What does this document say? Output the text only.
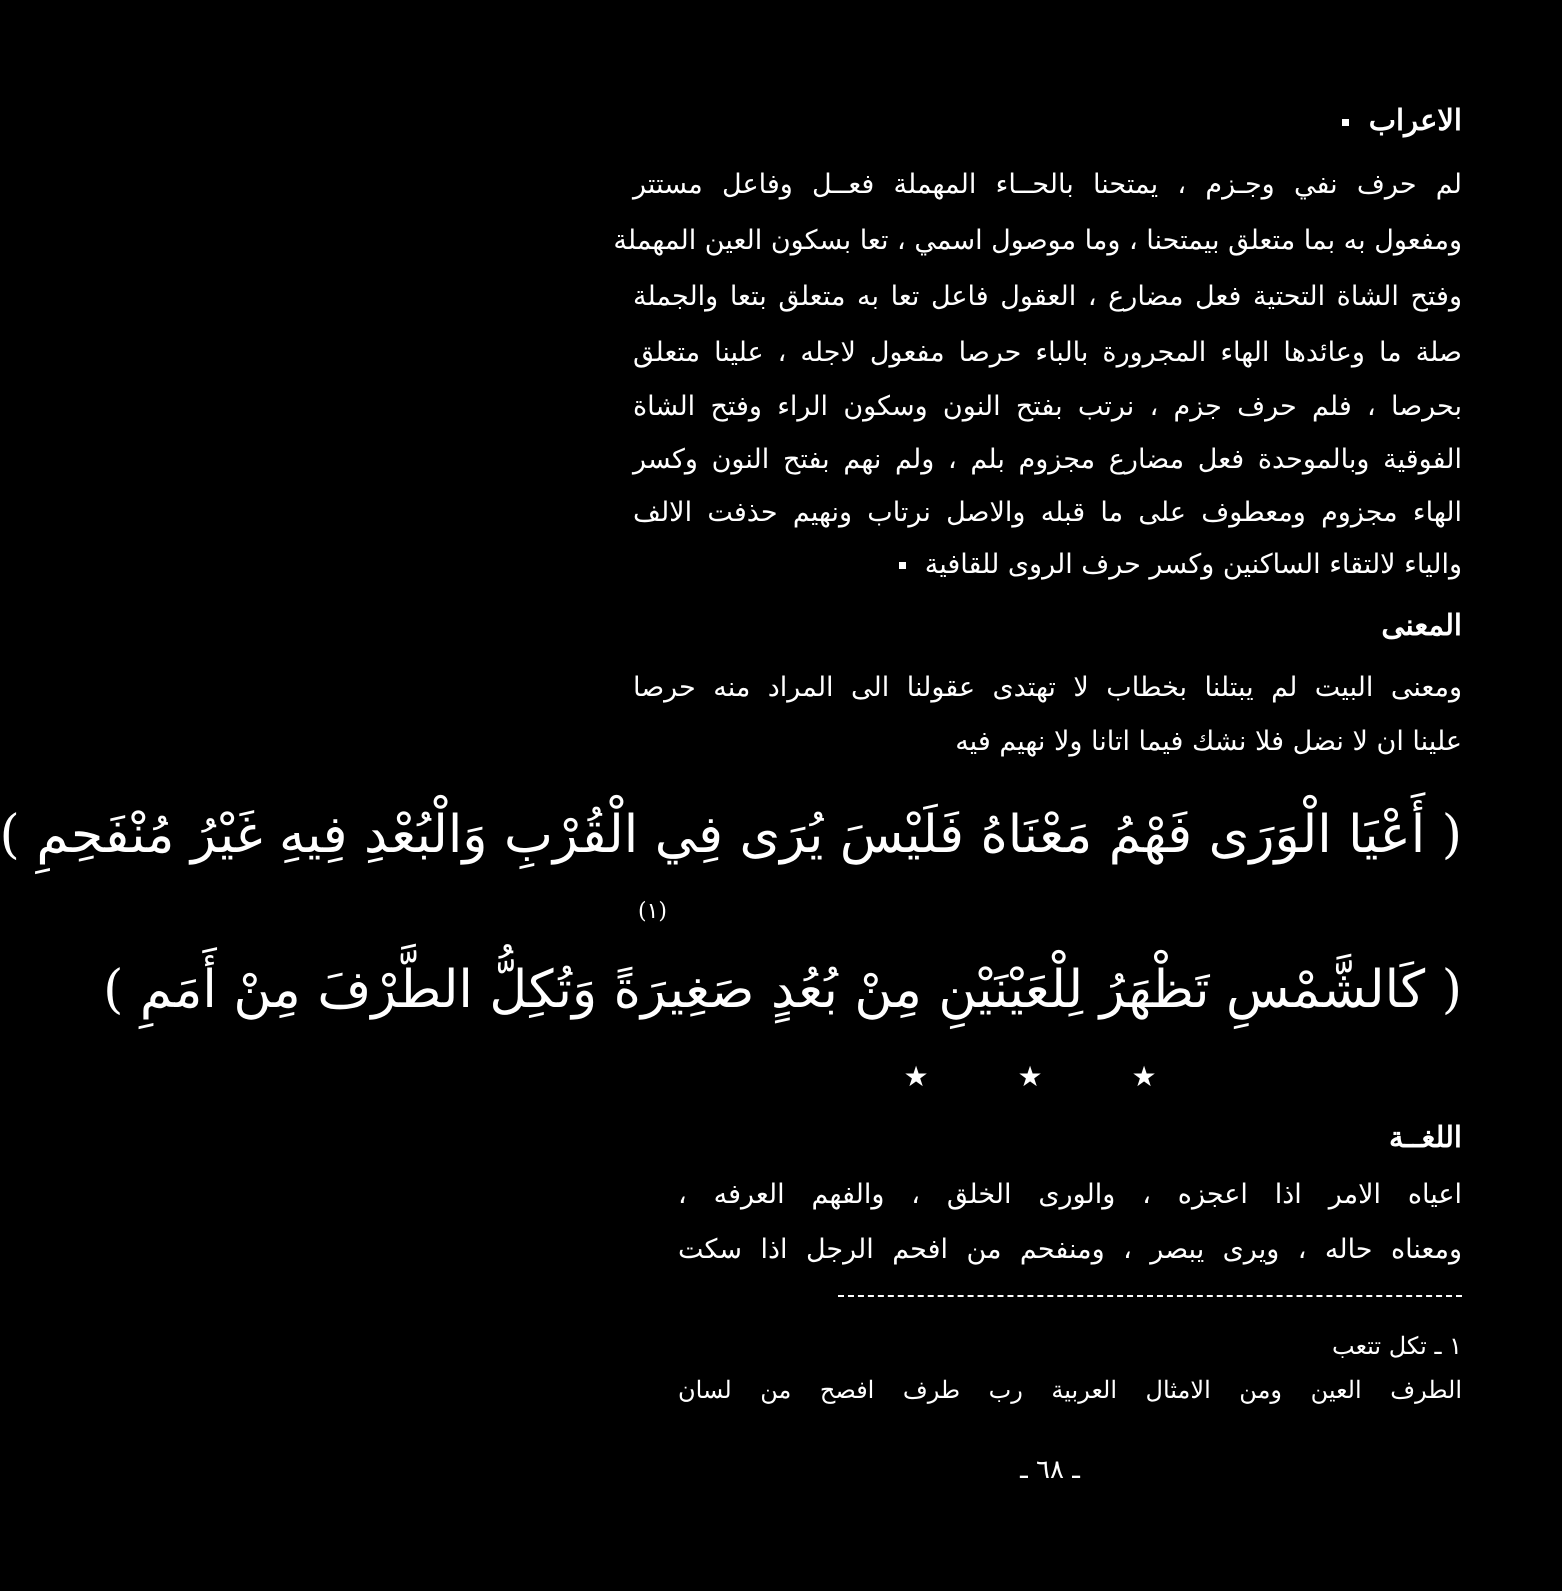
الاعراب
لم حرف نفي وجـزم ، يمتحنا بالحــاء المهملة فعــل وفاعل مستتر
ومفعول به بما متعلق بيمتحنا ، وما موصول اسمي ، تعا بسكون العين المهملة
وفتح الشاة التحتية فعل مضارع ، العقول فاعل تعا به متعلق بتعا والجملة
صلة ما وعائدها الهاء المجرورة بالباء حرصا مفعول لاجله ، علينا متعلق
بحرصا ، فلم حرف جزم ، نرتب بفتح النون وسكون الراء وفتح الشاة
الفوقية وبالموحدة فعل مضارع مجزوم بلم ، ولم نهم بفتح النون وكسر
الهاء مجزوم ومعطوف على ما قبله والاصل نرتاب ونهيم حذفت الالف
والياء لالتقاء الساكنين وكسر حرف الروى للقافية
المعنى
ومعنى البيت لم يبتلنا بخطاب لا تهتدى عقولنا الى المراد منه حرصا
علينا ان لا نضل فلا نشك فيما اتانا ولا نهيم فيه
( أَعْيَا الْوَرَى فَهْمُ مَعْنَاهُ فَلَيْسَ يُرَى فِي الْقُرْبِ وَالْبُعْدِ فِيهِ غَيْرُ مُنْفَحِمِ )
(١)
( كَالشَّمْسِ تَظْهَرُ لِلْعَيْنَيْنِ مِنْ بُعُدٍ صَغِيرَةً وَتُكِلُّ الطَّرْفَ مِنْ أَمَمِ )
★ ★ ★
اللغــة
اعياه الامر اذا اعجزه ، والورى الخلق ، والفهم العرفه ،
ومعناه حاله ، ويرى يبصر ، ومنفحم من افحم الرجل اذا سكت
١ ـ تكل تتعب
الطرف العين ومن الامثال العربية رب طرف افصح من لسان
ـ ٦٨ ـ
